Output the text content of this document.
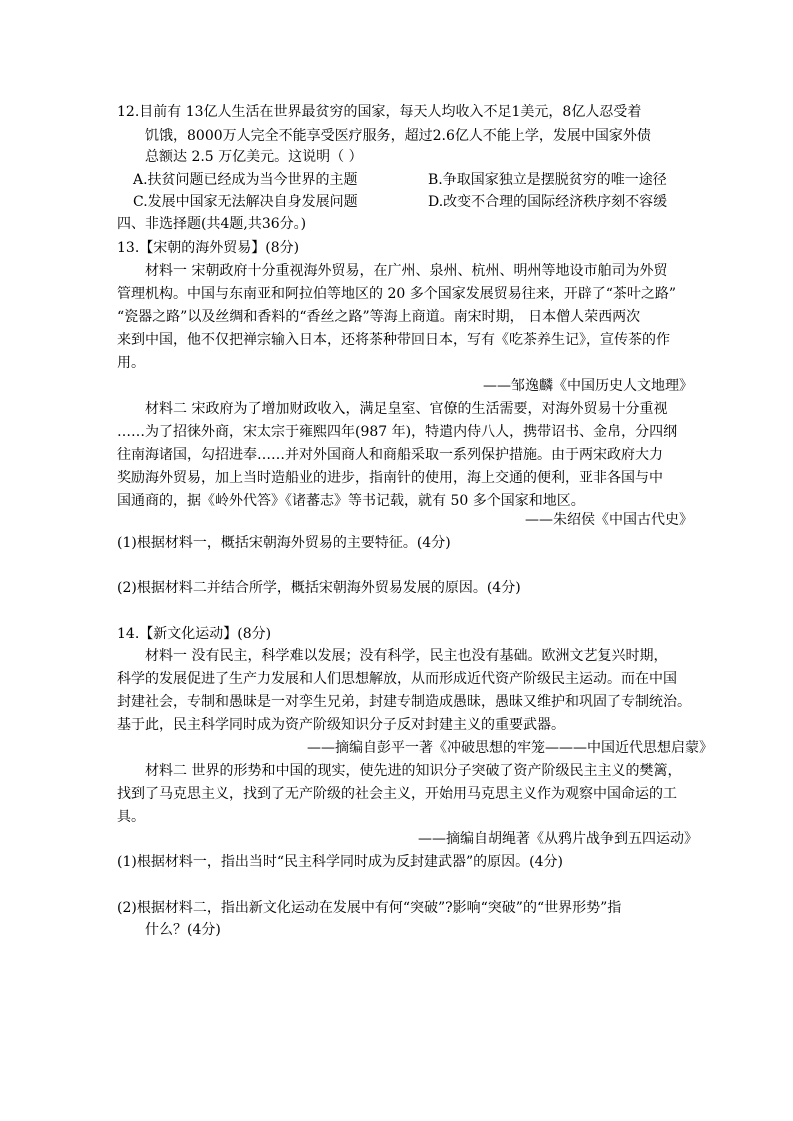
12.目前有 13亿人生活在世界最贫穷的国家，每天人均收入不足1美元，8亿人忍受着
饥饿，8000万人完全不能享受医疗服务，超过2.6亿人不能上学，发展中国家外债
总额达 2.5 万亿美元。这说明（ ）
A.扶贫问题已经成为当今世界的主题	B.争取国家独立是摆脱贫穷的唯一途径
C.发展中国家无法解决自身发展问题	D.改变不合理的国际经济秩序刻不容缓
四、非选择题(共4题,共36分。)
13.【宋朝的海外贸易】(8分)
材料一 宋朝政府十分重视海外贸易，在广州、泉州、杭州、明州等地设市舶司为外贸
管理机构。中国与东南亚和阿拉伯等地区的 20 多个国家发展贸易往来，开辟了“茶叶之路”
“瓷器之路”以及丝绸和香料的“香丝之路”等海上商道。南宋时期， 日本僧人荣西两次
来到中国，他不仅把禅宗输入日本，还将茶种带回日本，写有《吃茶养生记》，宣传茶的作
用。
——邹逸麟《中国历史人文地理》
材料二 宋政府为了增加财政收入，满足皇室、官僚的生活需要，对海外贸易十分重视
……为了招徕外商，宋太宗于雍熙四年(987 年)，特遣内侍八人，携带诏书、金帛，分四纲
往南海诸国，勾招进奉……并对外国商人和商船采取一系列保护措施。由于两宋政府大力
奖励海外贸易，加上当时造船业的进步，指南针的使用，海上交通的便利，亚非各国与中
国通商的，据《岭外代答》《诸蕃志》等书记载，就有 50 多个国家和地区。
——朱绍侯《中国古代史》
(1)根据材料一，概括宋朝海外贸易的主要特征。(4分)
(2)根据材料二并结合所学，概括宋朝海外贸易发展的原因。(4分)
14.【新文化运动】(8分)
材料一 没有民主，科学难以发展；没有科学，民主也没有基础。欧洲文艺复兴时期，
科学的发展促进了生产力发展和人们思想解放，从而形成近代资产阶级民主运动。而在中国
封建社会，专制和愚昧是一对孪生兄弟，封建专制造成愚昧，愚昧又维护和巩固了专制统治。
基于此，民主科学同时成为资产阶级知识分子反对封建主义的重要武器。
——摘编自彭平一著《冲破思想的牢笼———中国近代思想启蒙》
材料二 世界的形势和中国的现实，使先进的知识分子突破了资产阶级民主主义的樊篱，
找到了马克思主义，找到了无产阶级的社会主义，开始用马克思主义作为观察中国命运的工
具。
——摘编自胡绳著《从鸦片战争到五四运动》
(1)根据材料一，指出当时“民主科学同时成为反封建武器”的原因。(4分)
(2)根据材料二，指出新文化运动在发展中有何“突破”?影响“突破”的“世界形势”指
什么？(4分)
